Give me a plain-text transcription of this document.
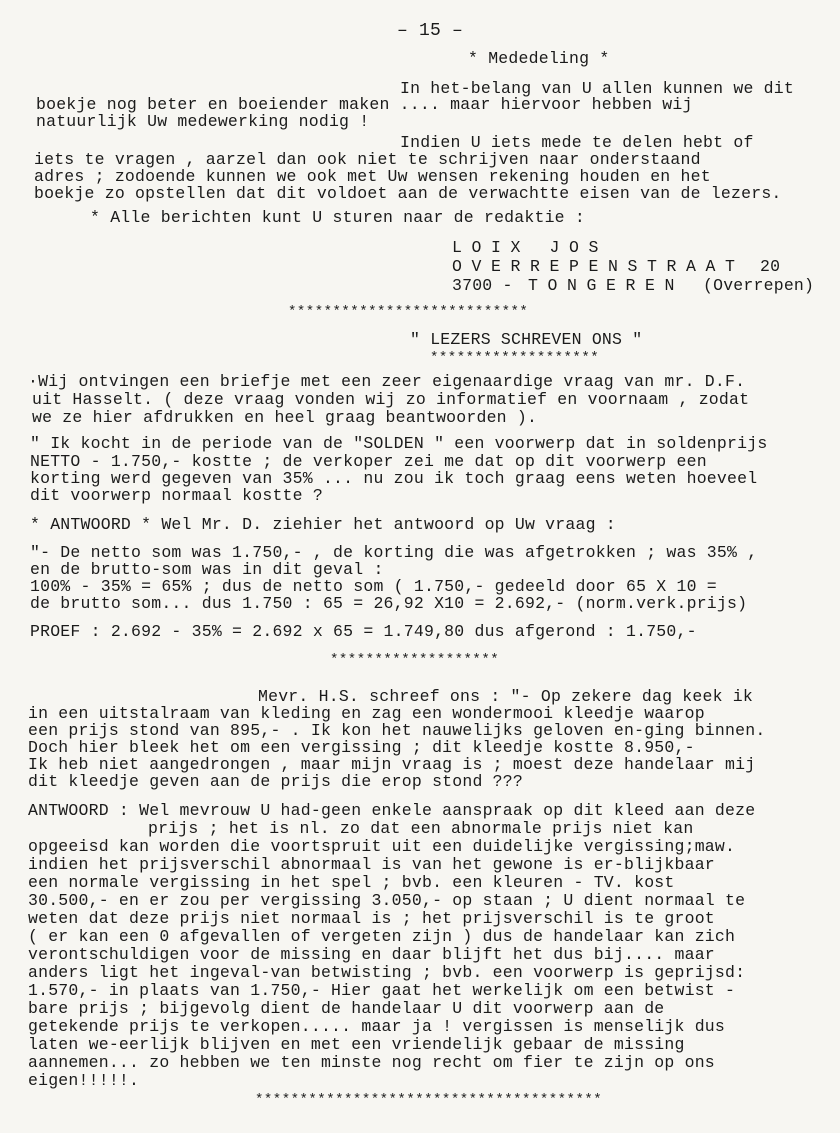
– 15 –
* Mededeling *
In het-belang van U allen kunnen we dit
boekje nog beter en boeiender maken .... maar hiervoor hebben wij
natuurlijk Uw medewerking nodig !
Indien U iets mede te delen hebt of
iets te vragen , aarzel dan ook niet te schrijven naar onderstaand
adres ; zodoende kunnen we ook met Uw wensen rekening houden en het
boekje zo opstellen dat dit voldoet aan de verwachtte eisen van de lezers.
* Alle berichten kunt U sturen naar de redaktie :
LOIX JOS
OVERREPENSTRAAT 20
3700 - TONGEREN (Overrepen)
***************************
" LEZERS SCHREVEN ONS "
*******************
·Wij ontvingen een briefje met een zeer eigenaardige vraag van mr. D.F.
uit Hasselt. ( deze vraag vonden wij zo informatief en voornaam , zodat
we ze hier afdrukken en heel graag beantwoorden ).
" Ik kocht in de periode van de "SOLDEN " een voorwerp dat in soldenprijs
NETTO - 1.750,- kostte ; de verkoper zei me dat op dit voorwerp een
korting werd gegeven van 35% ... nu zou ik toch graag eens weten hoeveel
dit voorwerp normaal kostte ?
* ANTWOORD * Wel Mr. D. ziehier het antwoord op Uw vraag :
"- De netto som was 1.750,- , de korting die was afgetrokken ; was 35% ,
en de brutto-som was in dit geval :
100% - 35% = 65% ; dus de netto som ( 1.750,- gedeeld door 65 X 10 =
de brutto som... dus 1.750 : 65 = 26,92 X10 = 2.692,- (norm.verk.prijs)
PROEF : 2.692 - 35% = 2.692 x 65 = 1.749,80 dus afgerond : 1.750,-
*******************
Mevr. H.S. schreef ons : "- Op zekere dag keek ik
in een uitstalraam van kleding en zag een wondermooi kleedje waarop
een prijs stond van 895,- . Ik kon het nauwelijks geloven en-ging binnen.
Doch hier bleek het om een vergissing ; dit kleedje kostte 8.950,-
Ik heb niet aangedrongen , maar mijn vraag is ; moest deze handelaar mij
dit kleedje geven aan de prijs die erop stond ???
ANTWOORD : Wel mevrouw U had-geen enkele aanspraak op dit kleed aan deze
prijs ; het is nl. zo dat een abnormale prijs niet kan
opgeeisd kan worden die voortspruit uit een duidelijke vergissing;maw.
indien het prijsverschil abnormaal is van het gewone is er-blijkbaar
een normale vergissing in het spel ; bvb. een kleuren - TV. kost
30.500,- en er zou per vergissing 3.050,- op staan ; U dient normaal te
weten dat deze prijs niet normaal is ; het prijsverschil is te groot
( er kan een 0 afgevallen of vergeten zijn ) dus de handelaar kan zich
verontschuldigen voor de missing en daar blijft het dus bij.... maar
anders ligt het ingeval-van betwisting ; bvb. een voorwerp is geprijsd:
1.570,- in plaats van 1.750,- Hier gaat het werkelijk om een betwist -
bare prijs ; bijgevolg dient de handelaar U dit voorwerp aan de
getekende prijs te verkopen..... maar ja ! vergissen is menselijk dus
laten we-eerlijk blijven en met een vriendelijk gebaar de missing
aannemen... zo hebben we ten minste nog recht om fier te zijn op ons
eigen!!!!!.
***************************************
